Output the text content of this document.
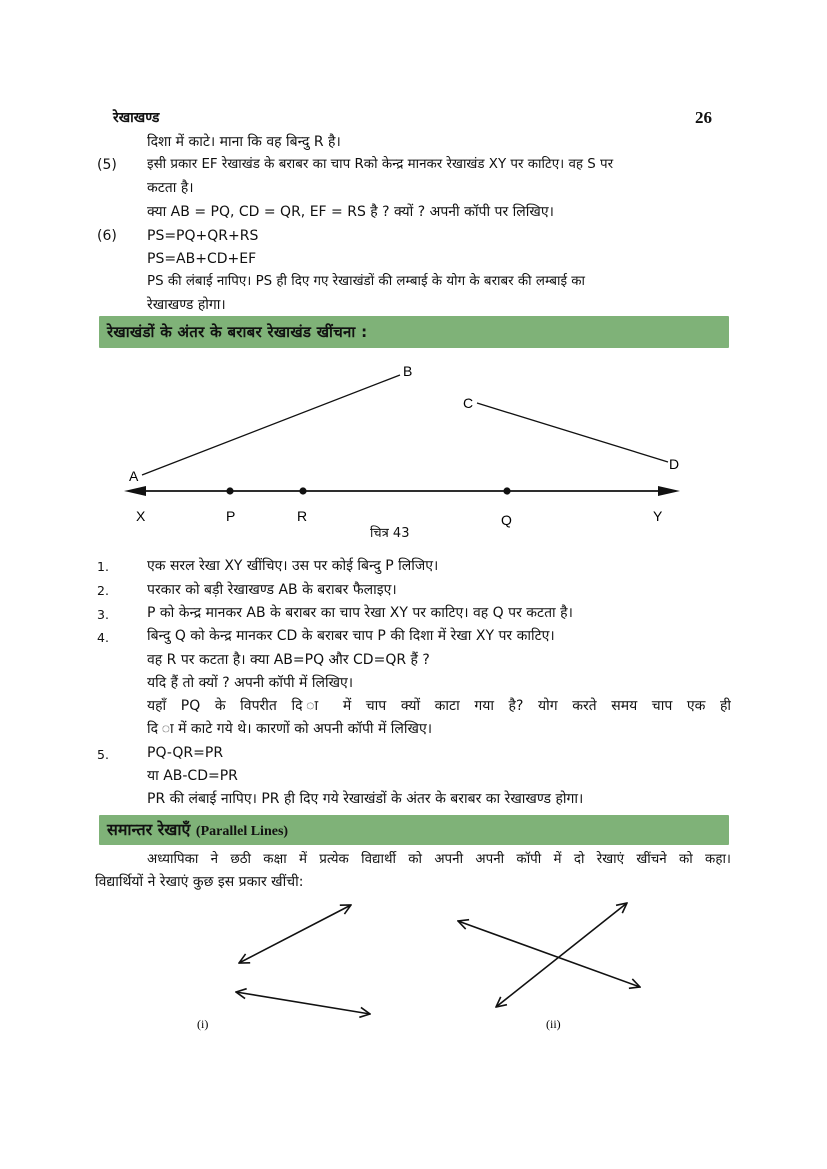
रेखाखण्ड	26
दिशा में काटे। माना कि वह बिन्दु R है।
(5) इसी प्रकार EF रेखाखंड के बराबर का चाप Rको केन्द्र मानकर रेखाखंड XY पर काटिए। वह S पर
कटता है।
क्या AB = PQ, CD = QR, EF = RS है ? क्यों ? अपनी कॉपी पर लिखिए।
(6) PS=PQ+QR+RS
PS=AB+CD+EF
PS की लंबाई नापिए। PS ही दिए गए रेखाखंडों की लम्बाई के योग के बराबर की लम्बाई का
रेखाखण्ड होगा।
रेखाखंडों के अंतर के बराबर रेखाखंड खींचना :
A
B
C
D
X	P	R	Q	Y
चित्र 43
1.	एक सरल रेखा XY खींचिए। उस पर कोई बिन्दु P लिजिए।
2.	परकार को बड़ी रेखाखण्ड AB के बराबर फैलाइए।
3.	P को केन्द्र मानकर AB के बराबर का चाप रेखा XY पर काटिए। वह Q पर कटता है।
4.	बिन्दु Q को केन्द्र मानकर CD के बराबर चाप P की दिशा में रेखा XY पर काटिए।
वह R पर कटता है। क्या AB=PQ और CD=QR हैं ?
यदि हैं तो क्यों ? अपनी कॉपी में लिखिए।
यहाँ PQ के विपरीत दि ा में चाप क्यों काटा गया है? योग करते समय चाप एक ही
दि ा में काटे गये थे। कारणों को अपनी कॉपी में लिखिए।
5.	PQ-QR=PR
या AB-CD=PR
PR की लंबाई नापिए। PR ही दिए गये रेखाखंडों के अंतर के बराबर का रेखाखण्ड होगा।
समान्तर रेखाएँ (Parallel Lines)
अध्यापिका ने छठी कक्षा में प्रत्येक विद्यार्थी को अपनी अपनी कॉपी में दो रेखाएं खींचने को कहा।
विद्यार्थियों ने रेखाएं कुछ इस प्रकार खींची:
(i)	(ii)
